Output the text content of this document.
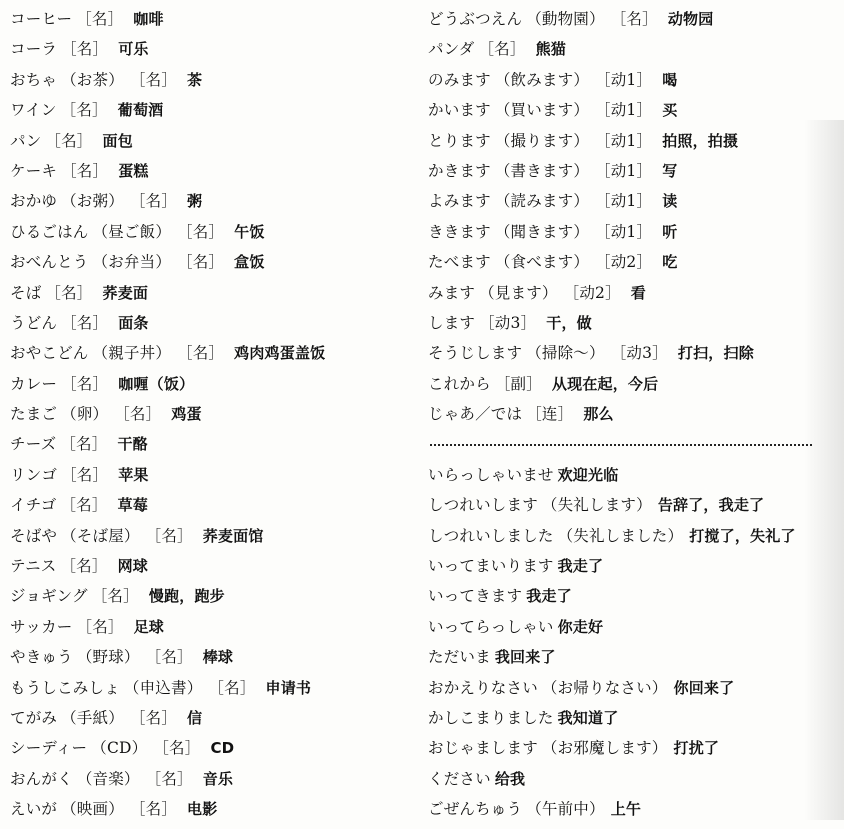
コーヒー ［名］ 咖啡
コーラ ［名］ 可乐
おちゃ （お茶） ［名］ 茶
ワイン ［名］ 葡萄酒
パン ［名］ 面包
ケーキ ［名］ 蛋糕
おかゆ （お粥） ［名］ 粥
ひるごはん （昼ご飯） ［名］ 午饭
おべんとう （お弁当） ［名］ 盒饭
そば ［名］ 荞麦面
うどん ［名］ 面条
おやこどん （親子丼） ［名］ 鸡肉鸡蛋盖饭
カレー ［名］ 咖喱（饭）
たまご （卵） ［名］ 鸡蛋
チーズ ［名］ 干酪
リンゴ ［名］ 苹果
イチゴ ［名］ 草莓
そばや （そば屋） ［名］ 荞麦面馆
テニス ［名］ 网球
ジョギング ［名］ 慢跑，跑步
サッカー ［名］ 足球
やきゅう （野球） ［名］ 棒球
もうしこみしょ （申込書） ［名］ 申请书
てがみ （手紙） ［名］ 信
シーディー （CD） ［名］ CD
おんがく （音楽） ［名］ 音乐
えいが （映画） ［名］ 电影
どうぶつえん （動物園） ［名］ 动物园
パンダ ［名］ 熊猫
のみます （飲みます） ［动1］ 喝
かいます （買います） ［动1］ 买
とります （撮ります） ［动1］ 拍照，拍摄
かきます （書きます） ［动1］ 写
よみます （読みます） ［动1］ 读
ききます （聞きます） ［动1］ 听
たべます （食べます） ［动2］ 吃
みます （見ます） ［动2］ 看
します ［动3］ 干，做
そうじします （掃除～） ［动3］ 打扫，扫除
これから ［副］ 从现在起，今后
じゃあ／では ［连］ 那么
いらっしゃいませ 欢迎光临
しつれいします （失礼します） 告辞了，我走了
しつれいしました （失礼しました） 打搅了，失礼了
いってまいります 我走了
いってきます 我走了
いってらっしゃい 你走好
ただいま 我回来了
おかえりなさい （お帰りなさい） 你回来了
かしこまりました 我知道了
おじゃまします （お邪魔します） 打扰了
ください 给我
ごぜんちゅう （午前中） 上午
